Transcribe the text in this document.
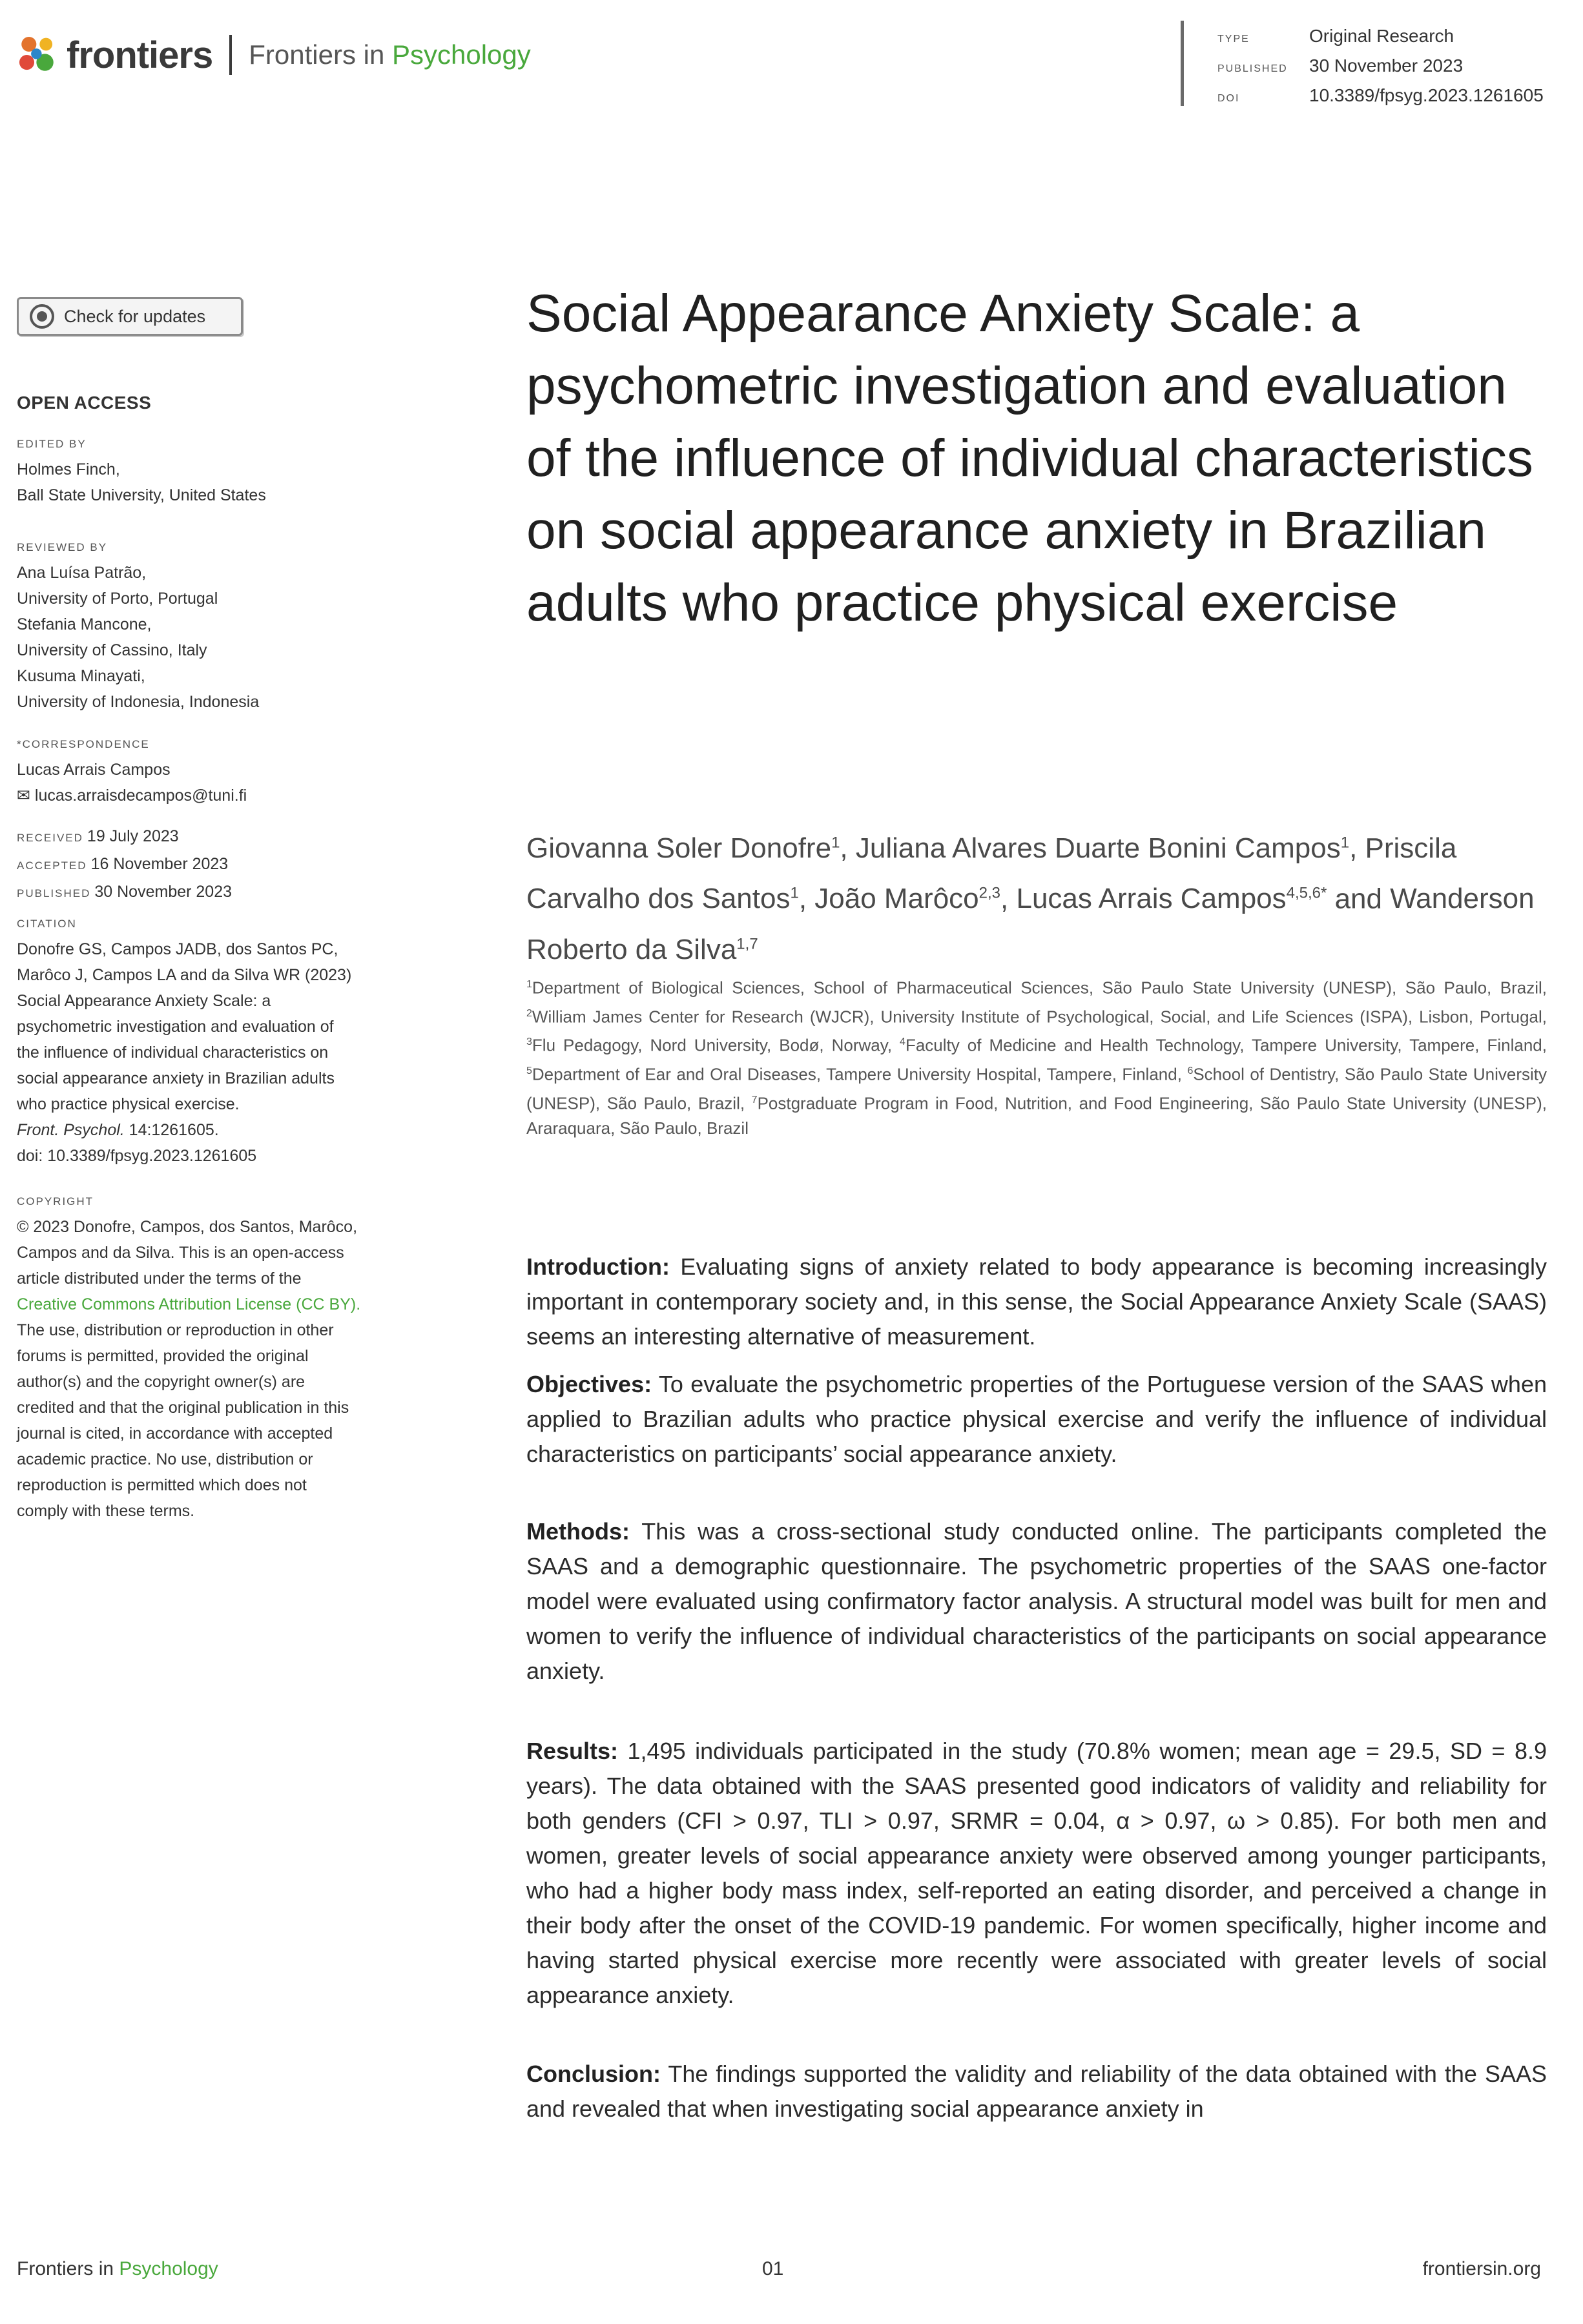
frontiers Frontiers in Psychology
TYPE	Original Research
PUBLISHED 30 November 2023
DOI	10.3389/fpsyg.2023.1261605
Check for updates
OPEN ACCESS
EDITED BY
Holmes Finch,
Ball State University, United States
REVIEWED BY
Ana Luísa Patrão,
University of Porto, Portugal
Stefania Mancone,
University of Cassino, Italy
Kusuma Minayati,
University of Indonesia, Indonesia
*CORRESPONDENCE
Lucas Arrais Campos
✉ lucas.arraisdecampos@tuni.fi
RECEIVED 19 July 2023
ACCEPTED 16 November 2023
PUBLISHED 30 November 2023
CITATION
Donofre GS, Campos JADB, dos Santos PC,
Marôco J, Campos LA and da Silva WR (2023)
Social Appearance Anxiety Scale: a
psychometric investigation and evaluation of
the influence of individual characteristics on
social appearance anxiety in Brazilian adults
who practice physical exercise.
Front. Psychol. 14:1261605.
doi: 10.3389/fpsyg.2023.1261605
COPYRIGHT
© 2023 Donofre, Campos, dos Santos, Marôco,
Campos and da Silva. This is an open-access
article distributed under the terms of the
Creative Commons Attribution License (CC BY).
The use, distribution or reproduction in other
forums is permitted, provided the original
author(s) and the copyright owner(s) are
credited and that the original publication in this
journal is cited, in accordance with accepted
academic practice. No use, distribution or
reproduction is permitted which does not
comply with these terms.
Social Appearance Anxiety Scale: a psychometric investigation and evaluation of the influence of individual characteristics on social appearance anxiety in Brazilian adults who practice physical exercise
Giovanna Soler Donofre$^1$, Juliana Alvares Duarte Bonini Campos$^1$, Priscila Carvalho dos Santos$^1$, João Marôco$^{2,3}$, Lucas Arrais Campos$^{4,5,6*}$ and Wanderson Roberto da Silva$^{1,7}$
$^1$Department of Biological Sciences, School of Pharmaceutical Sciences, São Paulo State University (UNESP), São Paulo, Brazil, $^2$William James Center for Research (WJCR), University Institute of Psychological, Social, and Life Sciences (ISPA), Lisbon, Portugal, $^3$Flu Pedagogy, Nord University, Bodø, Norway, $^4$Faculty of Medicine and Health Technology, Tampere University, Tampere, Finland, $^5$Department of Ear and Oral Diseases, Tampere University Hospital, Tampere, Finland, $^6$School of Dentistry, São Paulo State University (UNESP), São Paulo, Brazil, $^7$Postgraduate Program in Food, Nutrition, and Food Engineering, São Paulo State University (UNESP), Araraquara, São Paulo, Brazil
Introduction: Evaluating signs of anxiety related to body appearance is becoming increasingly important in contemporary society and, in this sense, the Social Appearance Anxiety Scale (SAAS) seems an interesting alternative of measurement.
Objectives: To evaluate the psychometric properties of the Portuguese version of the SAAS when applied to Brazilian adults who practice physical exercise and verify the influence of individual characteristics on participants’ social appearance anxiety.
Methods: This was a cross-sectional study conducted online. The participants completed the SAAS and a demographic questionnaire. The psychometric properties of the SAAS one-factor model were evaluated using confirmatory factor analysis. A structural model was built for men and women to verify the influence of individual characteristics of the participants on social appearance anxiety.
Results: 1,495 individuals participated in the study (70.8% women; mean age = 29.5, SD = 8.9 years). The data obtained with the SAAS presented good indicators of validity and reliability for both genders (CFI > 0.97, TLI > 0.97, SRMR = 0.04, α > 0.97, ω > 0.85). For both men and women, greater levels of social appearance anxiety were observed among younger participants, who had a higher body mass index, self-reported an eating disorder, and perceived a change in their body after the onset of the COVID-19 pandemic. For women specifically, higher income and having started physical exercise more recently were associated with greater levels of social appearance anxiety.
Conclusion: The findings supported the validity and reliability of the data obtained with the SAAS and revealed that when investigating social appearance anxiety in
Frontiers in Psychology	01	frontiersin.org
